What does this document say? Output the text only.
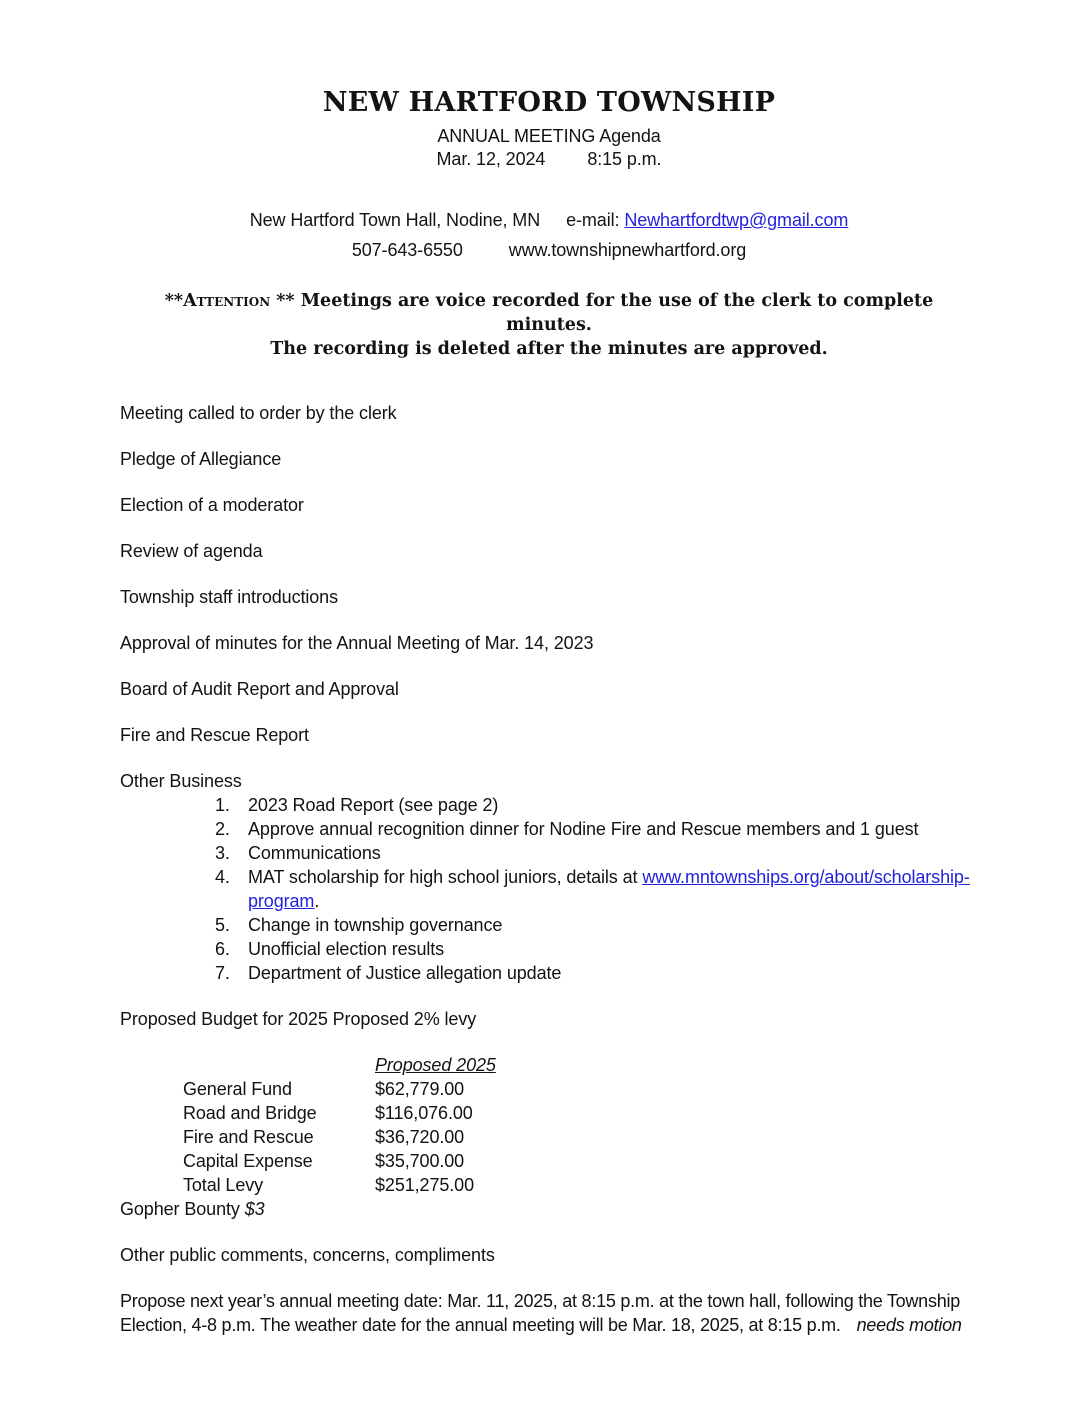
NEW HARTFORD TOWNSHIP
ANNUAL MEETING Agenda
Mar. 12, 2024 8:15 p.m.
New Hartford Town Hall, Nodine, MN e-mail: Newhartfordtwp@gmail.com
507-643-6550	www.townshipnewhartford.org
**Attention ** Meetings are voice recorded for the use of the clerk to complete minutes.
The recording is deleted after the minutes are approved.

Meeting called to order by the clerk

Pledge of Allegiance

Election of a moderator

Review of agenda

Township staff introductions

Approval of minutes for the Annual Meeting of Mar. 14, 2023

Board of Audit Report and Approval

Fire and Rescue Report

Other Business

1.	2023 Road Report (see page 2)
2.	Approve annual recognition dinner for Nodine Fire and Rescue members and 1 guest
3.	Communications
4.	MAT scholarship for high school juniors, details at www.mntownships.org/about/scholarship-
program.
5.	Change in township governance
6.	Unofficial election results
7.	Department of Justice allegation update

Proposed Budget for 2025 Proposed 2% levy

Proposed 2025
General Fund	$62,779.00
Road and Bridge	$116,076.00
Fire and Rescue	$36,720.00
Capital Expense	$35,700.00
Total Levy	$251,275.00

Gopher Bounty $3

Other public comments, concerns, compliments

Propose next year’s annual meeting date: Mar. 11, 2025, at 8:15 p.m. at the town hall, following the Township
Election, 4-8 p.m. The weather date for the annual meeting will be Mar. 18, 2025, at 8:15 p.m. needs motion
